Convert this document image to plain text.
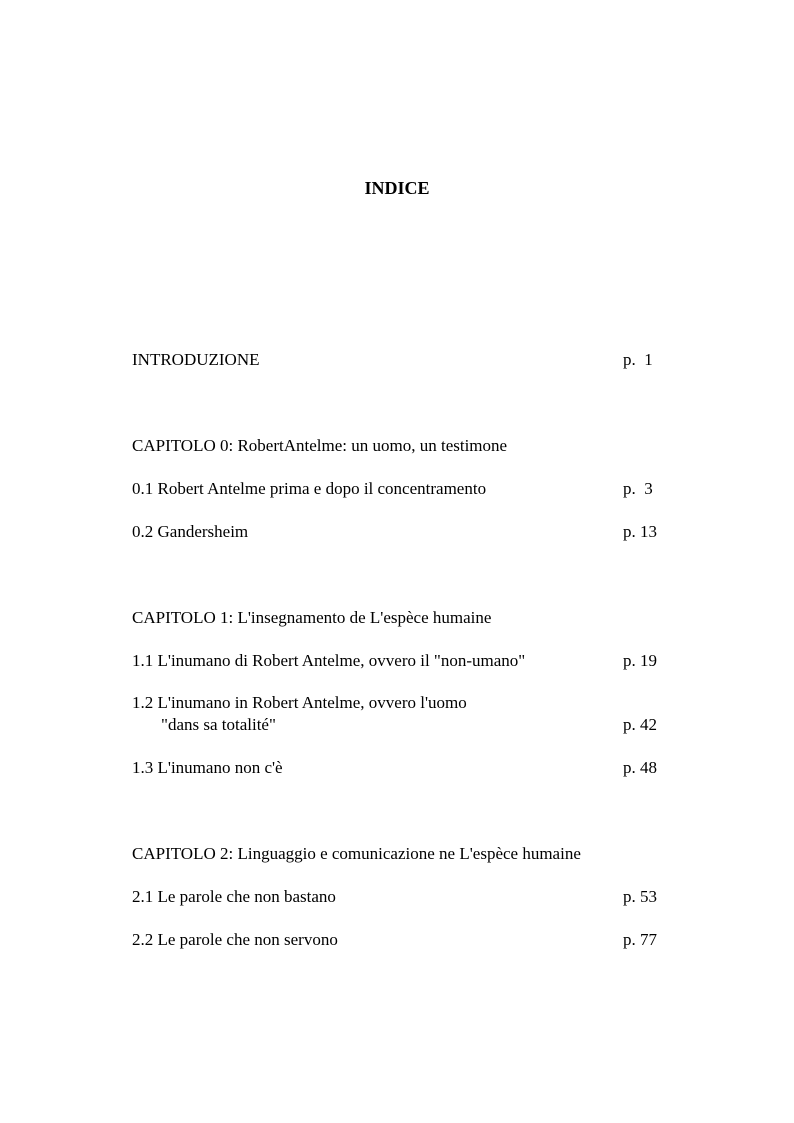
INDICE
INTRODUZIONE	p.  1
CAPITOLO 0: RobertAntelme: un uomo, un testimone
0.1 Robert Antelme prima e dopo il concentramento	p.  3
0.2 Gandersheim	p. 13
CAPITOLO 1: L'insegnamento de L'espèce humaine
1.1 L'inumano di Robert Antelme, ovvero il "non-umano"	p. 19
1.2 L'inumano in Robert Antelme, ovvero l'uomo
"dans sa totalité"	p. 42
1.3 L'inumano non c'è	p. 48
CAPITOLO 2: Linguaggio e comunicazione ne L'espèce humaine
2.1 Le parole che non bastano	p. 53
2.2 Le parole che non servono	p. 77
